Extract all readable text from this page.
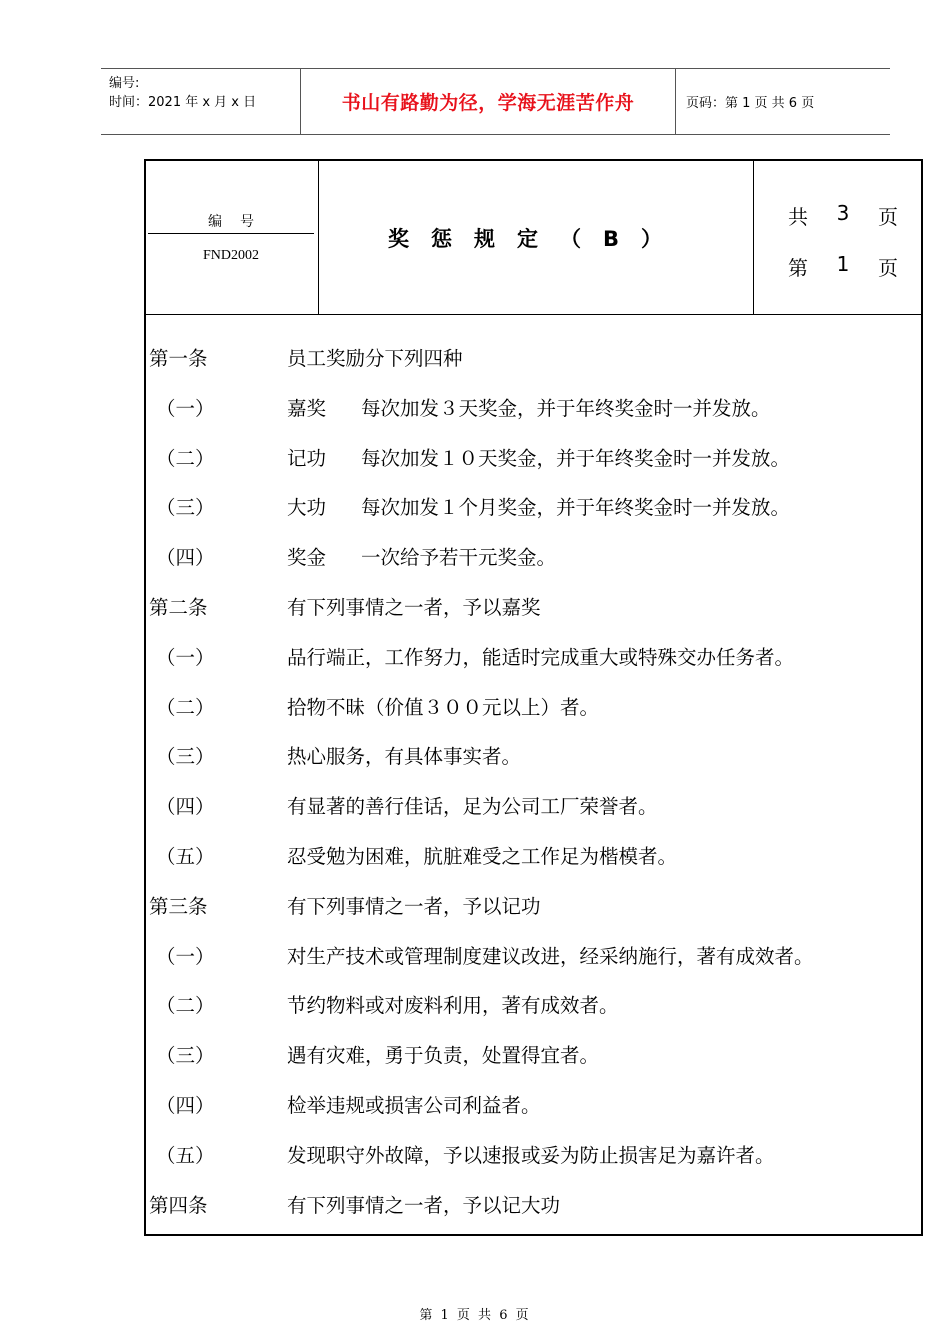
编号:
时间：2021 年 x 月 x 日	书山有路勤为径，学海无涯苦作舟	页码：第 1 页 共 6 页
编号
FND2002
奖惩规定（B）
共 3 页
第 1 页
第一条	员工奖励分下列四种
（一）	嘉奖 每次加发３天奖金，并于年终奖金时一并发放。
（二）	记功 每次加发１０天奖金，并于年终奖金时一并发放。
（三）	大功 每次加发１个月奖金，并于年终奖金时一并发放。
（四）	奖金 一次给予若干元奖金。
第二条	有下列事情之一者，予以嘉奖
（一）	品行端正，工作努力，能适时完成重大或特殊交办任务者。
（二）	拾物不昧（价值３００元以上）者。
（三）	热心服务，有具体事实者。
（四）	有显著的善行佳话，足为公司工厂荣誉者。
（五）	忍受勉为困难，肮脏难受之工作足为楷模者。
第三条	有下列事情之一者，予以记功
（一）	对生产技术或管理制度建议改进，经采纳施行，著有成效者。
（二）	节约物料或对废料利用，著有成效者。
（三）	遇有灾难，勇于负责，处置得宜者。
（四）	检举违规或损害公司利益者。
（五）	发现职守外故障，予以速报或妥为防止损害足为嘉许者。
第四条	有下列事情之一者，予以记大功
第 1 页 共 6 页
